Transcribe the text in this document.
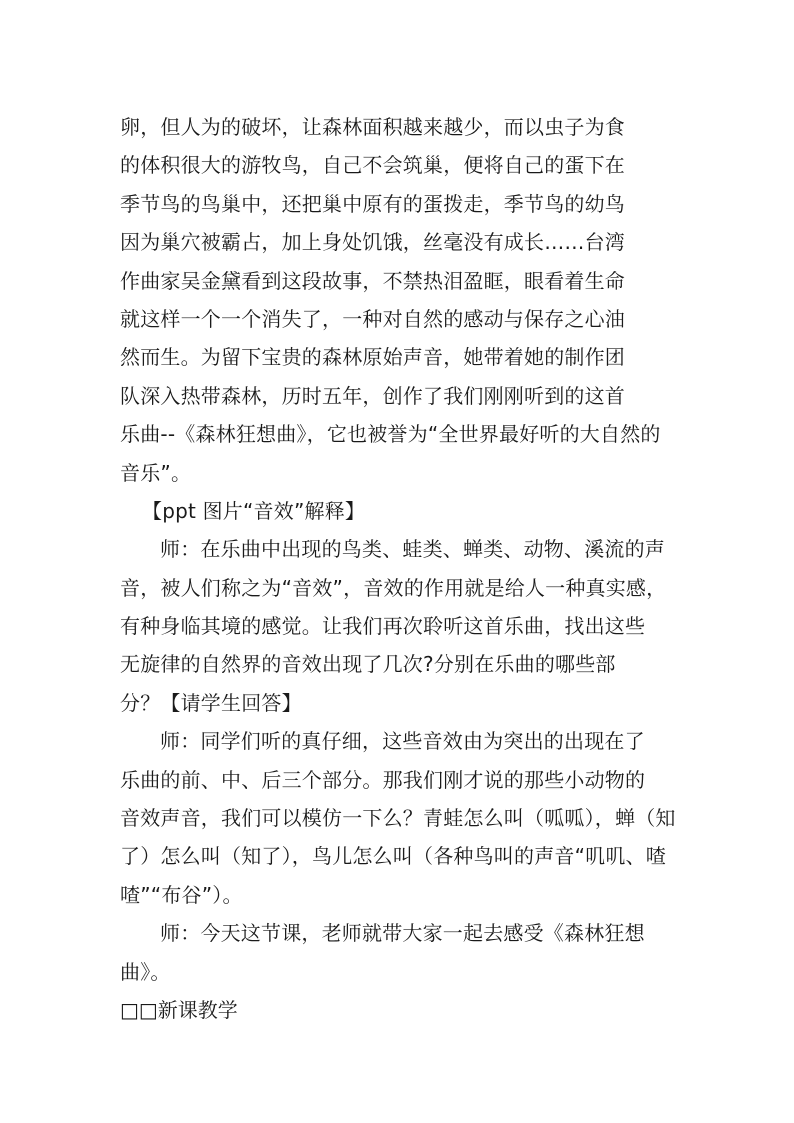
卵，但人为的破坏，让森林面积越来越少，而以虫子为食
的体积很大的游牧鸟，自己不会筑巢，便将自己的蛋下在
季节鸟的鸟巢中，还把巢中原有的蛋拨走，季节鸟的幼鸟
因为巢穴被霸占，加上身处饥饿，丝毫没有成长……台湾
作曲家吴金黛看到这段故事，不禁热泪盈眶，眼看着生命
就这样一个一个消失了，一种对自然的感动与保存之心油
然而生。为留下宝贵的森林原始声音，她带着她的制作团
队深入热带森林，历时五年，创作了我们刚刚听到的这首
乐曲--《森林狂想曲》，它也被誉为“全世界最好听的大自然的
音乐”。
【ppt 图片“音效”解释】
师：在乐曲中出现的鸟类、蛙类、蝉类、动物、溪流的声
音，被人们称之为“音效”，音效的作用就是给人一种真实感，
有种身临其境的感觉。让我们再次聆听这首乐曲，找出这些
无旋律的自然界的音效出现了几次?分别在乐曲的哪些部
分？【请学生回答】
师：同学们听的真仔细，这些音效由为突出的出现在了
乐曲的前、中、后三个部分。那我们刚才说的那些小动物的
音效声音，我们可以模仿一下么？青蛙怎么叫（呱呱），蝉（知
了）怎么叫（知了），鸟儿怎么叫（各种鸟叫的声音“叽叽、喳
喳”“布谷”）。
师：今天这节课，老师就带大家一起去感受《森林狂想
曲》。
□□新课教学
